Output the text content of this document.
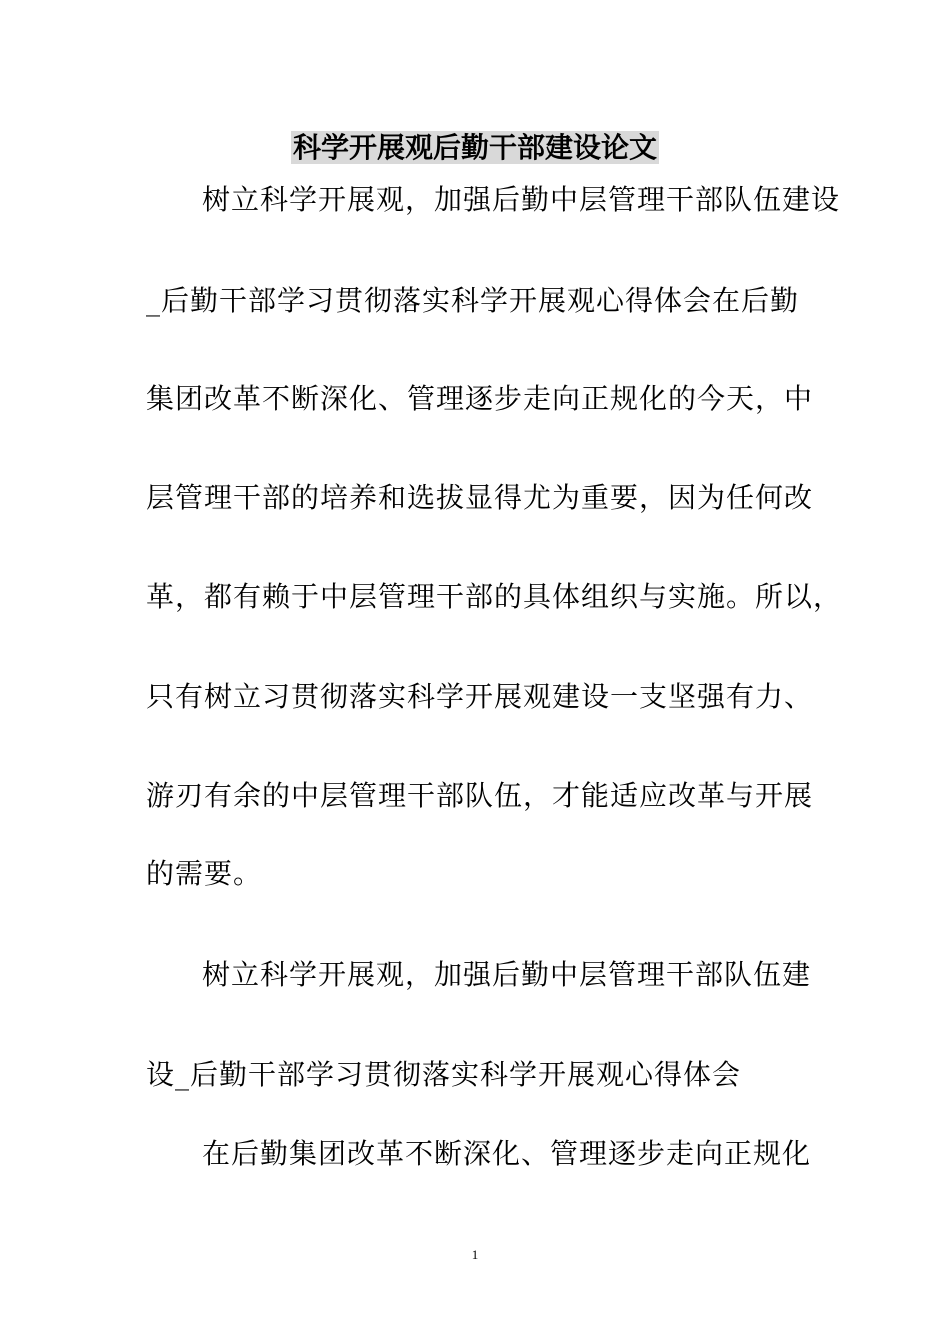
科学开展观后勤干部建设论文
树立科学开展观，加强后勤中层管理干部队伍建设
_后勤干部学习贯彻落实科学开展观心得体会在后勤
集团改革不断深化、管理逐步走向正规化的今天，中
层管理干部的培养和选拔显得尤为重要，因为任何改
革，都有赖于中层管理干部的具体组织与实施。所以，
只有树立习贯彻落实科学开展观建设一支坚强有力、
游刃有余的中层管理干部队伍，才能适应改革与开展
的需要。
树立科学开展观，加强后勤中层管理干部队伍建
设_后勤干部学习贯彻落实科学开展观心得体会
在后勤集团改革不断深化、管理逐步走向正规化
1
